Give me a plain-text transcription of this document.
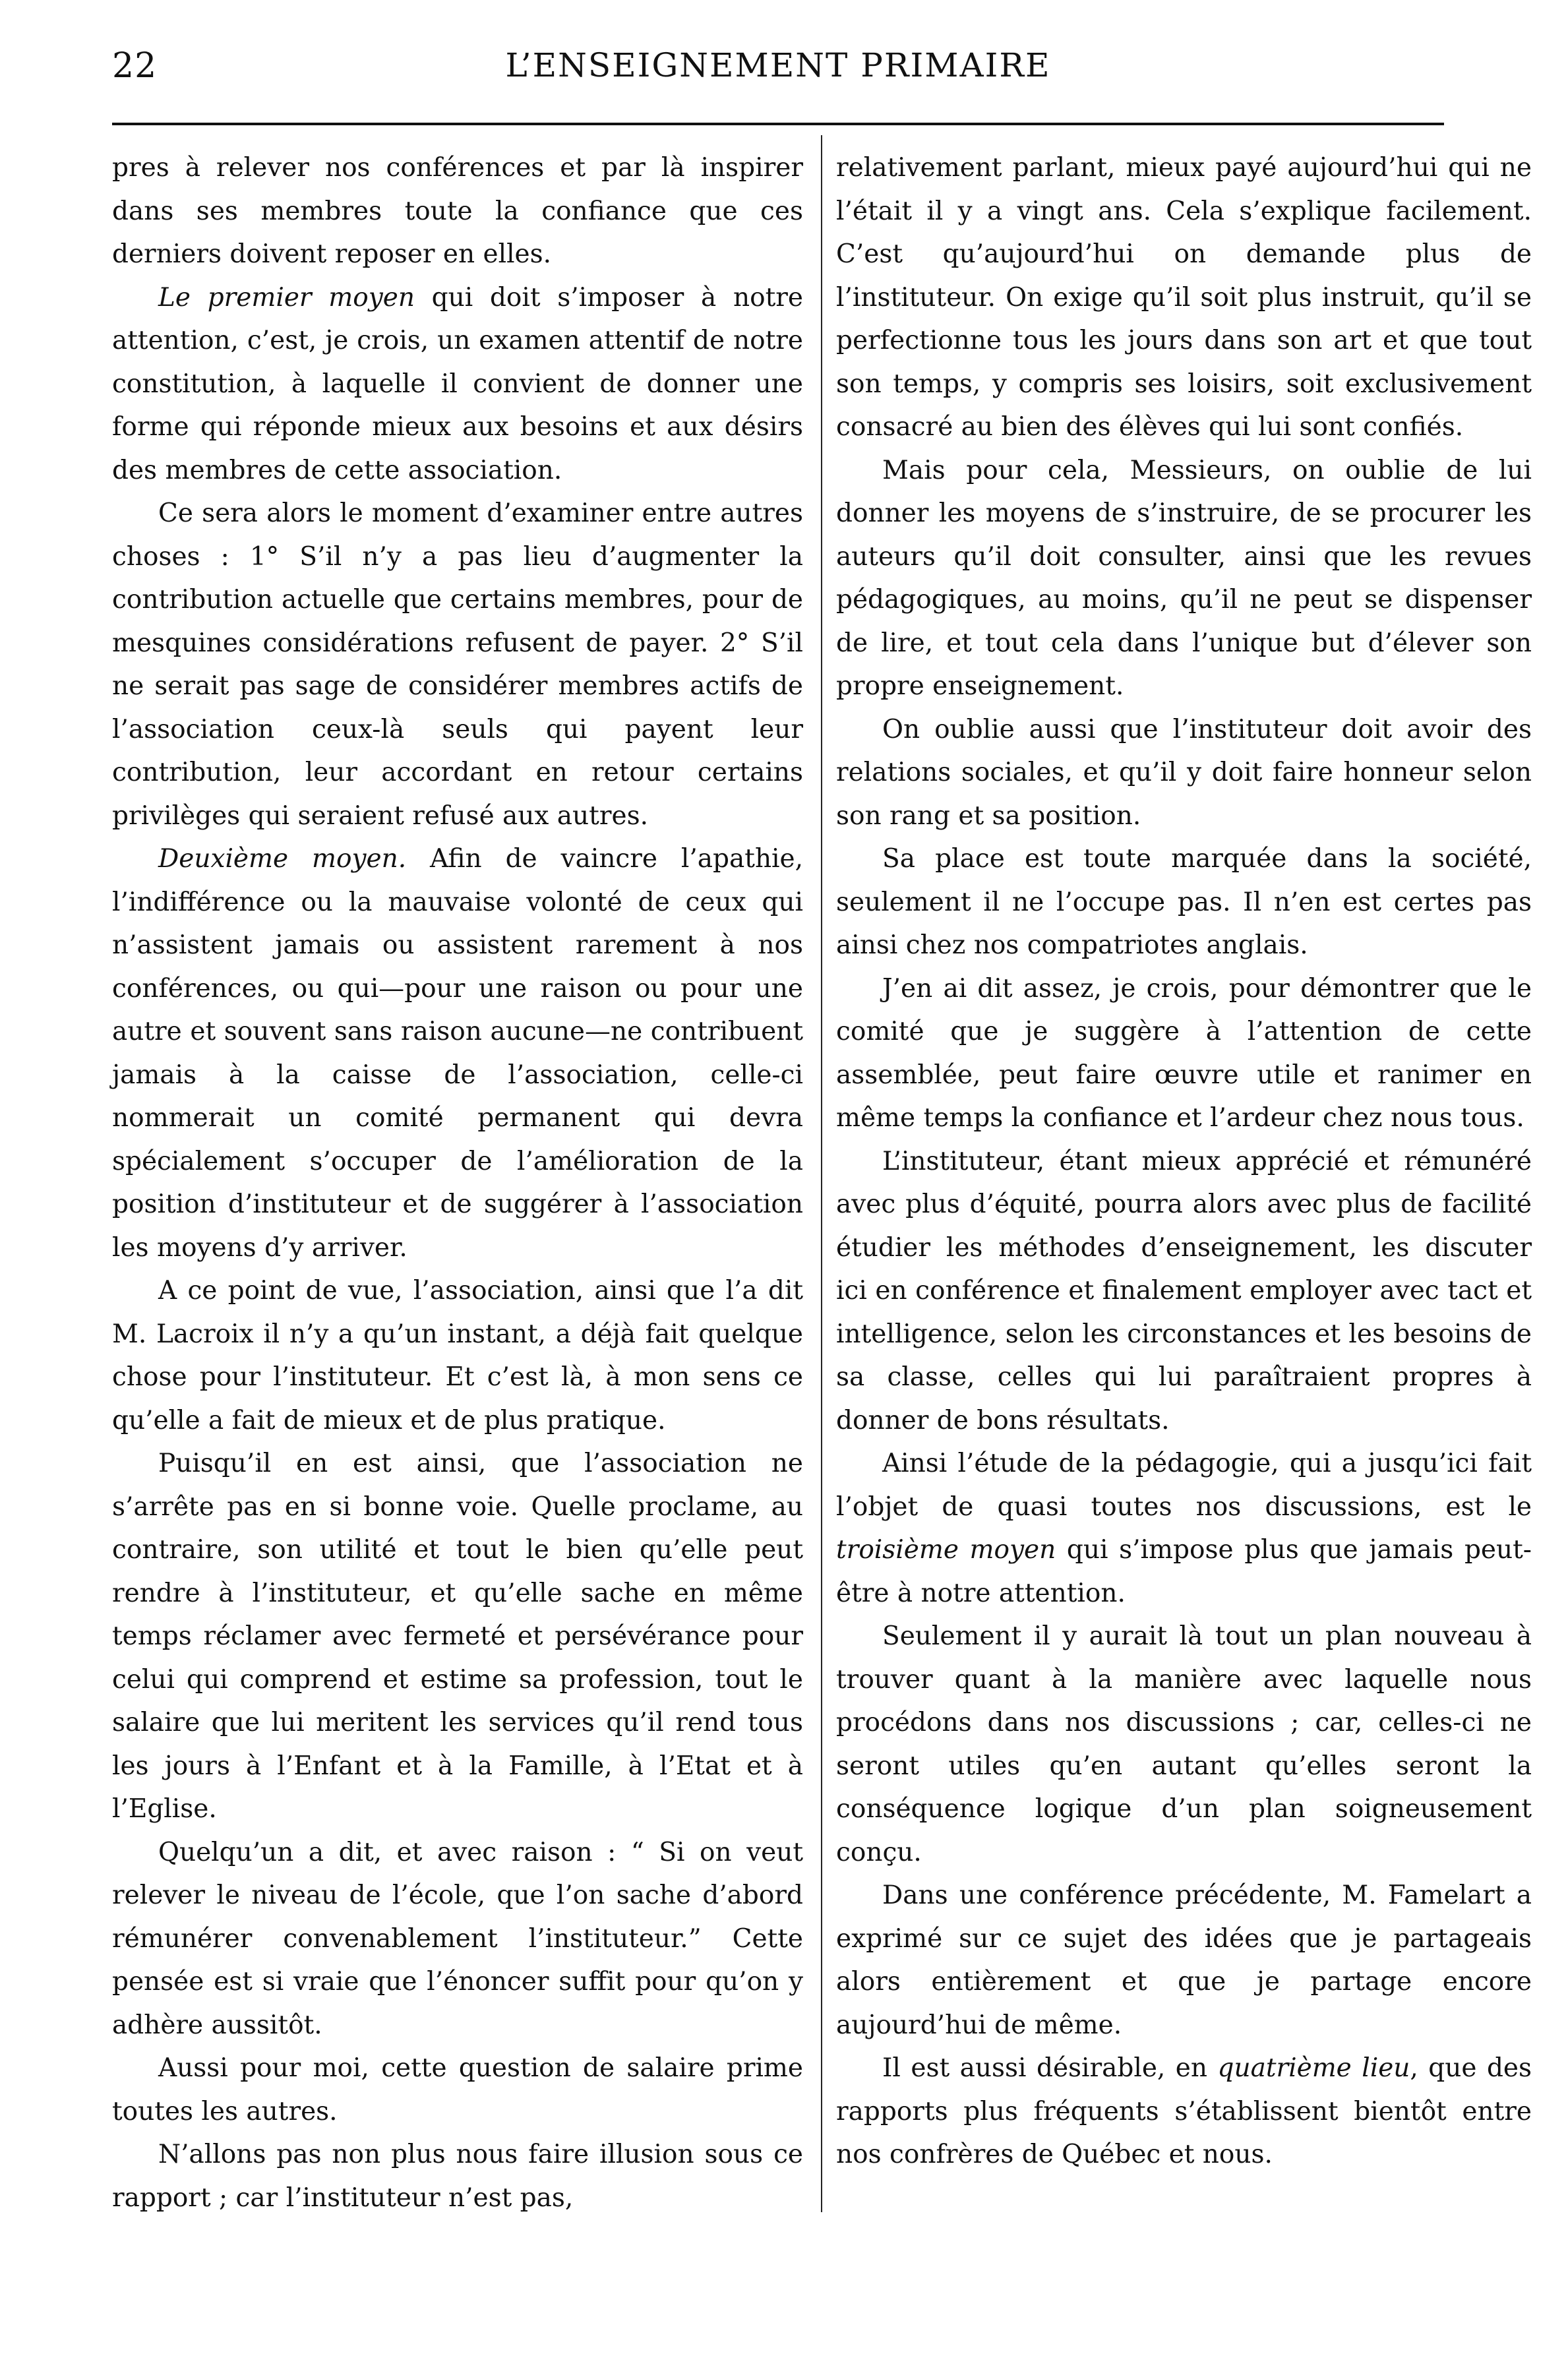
22	L’ENSEIGNEMENT PRIMAIRE

pres à relever nos conférences et par là inspirer dans ses membres toute la confiance que ces derniers doivent reposer en elles.

Le premier moyen qui doit s’imposer à notre attention, c’est, je crois, un examen attentif de notre constitution, à laquelle il convient de donner une forme qui réponde mieux aux besoins et aux désirs des membres de cette association.

Ce sera alors le moment d’examiner entre autres choses : 1° S’il n’y a pas lieu d’augmenter la contribution actuelle que certains membres, pour de mesquines considérations refusent de payer. 2° S’il ne serait pas sage de considérer membres actifs de l’association ceux-là seuls qui payent leur contribution, leur accordant en retour certains privilèges qui seraient refusé aux autres.

Deuxième moyen. Afin de vaincre l’apathie, l’indifférence ou la mauvaise volonté de ceux qui n’assistent jamais ou assistent rarement à nos conférences, ou qui—pour une raison ou pour une autre et souvent sans raison aucune—ne contribuent jamais à la caisse de l’association, celle-ci nommerait un comité permanent qui devra spécialement s’occuper de l’amélioration de la position d’instituteur et de suggérer à l’association les moyens d’y arriver.

A ce point de vue, l’association, ainsi que l’a dit M. Lacroix il n’y a qu’un instant, a déjà fait quelque chose pour l’instituteur. Et c’est là, à mon sens ce qu’elle a fait de mieux et de plus pratique.

Puisqu’il en est ainsi, que l’association ne s’arrête pas en si bonne voie. Quelle proclame, au contraire, son utilité et tout le bien qu’elle peut rendre à l’instituteur, et qu’elle sache en même temps réclamer avec fermeté et persévérance pour celui qui comprend et estime sa profession, tout le salaire que lui meritent les services qu’il rend tous les jours à l’Enfant et à la Famille, à l’Etat et à l’Eglise.

Quelqu’un a dit, et avec raison : “ Si on veut relever le niveau de l’école, que l’on sache d’abord rémunérer convenablement l’instituteur.” Cette pensée est si vraie que l’énoncer suffit pour qu’on y adhère aussitôt.

Aussi pour moi, cette question de salaire prime toutes les autres.

N’allons pas non plus nous faire illusion sous ce rapport ; car l’instituteur n’est pas,

relativement parlant, mieux payé aujourd’hui qui ne l’était il y a vingt ans. Cela s’explique facilement. C’est qu’aujourd’hui on demande plus de l’instituteur. On exige qu’il soit plus instruit, qu’il se perfectionne tous les jours dans son art et que tout son temps, y compris ses loisirs, soit exclusivement consacré au bien des élèves qui lui sont confiés.

Mais pour cela, Messieurs, on oublie de lui donner les moyens de s’instruire, de se procurer les auteurs qu’il doit consulter, ainsi que les revues pédagogiques, au moins, qu’il ne peut se dispenser de lire, et tout cela dans l’unique but d’élever son propre enseignement.

On oublie aussi que l’instituteur doit avoir des relations sociales, et qu’il y doit faire honneur selon son rang et sa position.

Sa place est toute marquée dans la société, seulement il ne l’occupe pas. Il n’en est certes pas ainsi chez nos compatriotes anglais.

J’en ai dit assez, je crois, pour démontrer que le comité que je suggère à l’attention de cette assemblée, peut faire œuvre utile et ranimer en même temps la confiance et l’ardeur chez nous tous.

L’instituteur, étant mieux apprécié et rémunéré avec plus d’équité, pourra alors avec plus de facilité étudier les méthodes d’enseignement, les discuter ici en conférence et finalement employer avec tact et intelligence, selon les circonstances et les besoins de sa classe, celles qui lui paraîtraient propres à donner de bons résultats.

Ainsi l’étude de la pédagogie, qui a jusqu’ici fait l’objet de quasi toutes nos discussions, est le troisième moyen qui s’impose plus que jamais peut-être à notre attention.

Seulement il y aurait là tout un plan nouveau à trouver quant à la manière avec laquelle nous procédons dans nos discussions ; car, celles-ci ne seront utiles qu’en autant qu’elles seront la conséquence logique d’un plan soigneusement conçu.

Dans une conférence précédente, M. Famelart a exprimé sur ce sujet des idées que je partageais alors entièrement et que je partage encore aujourd’hui de même.

Il est aussi désirable, en quatrième lieu, que des rapports plus fréquents s’établissent bientôt entre nos confrères de Québec et nous.
